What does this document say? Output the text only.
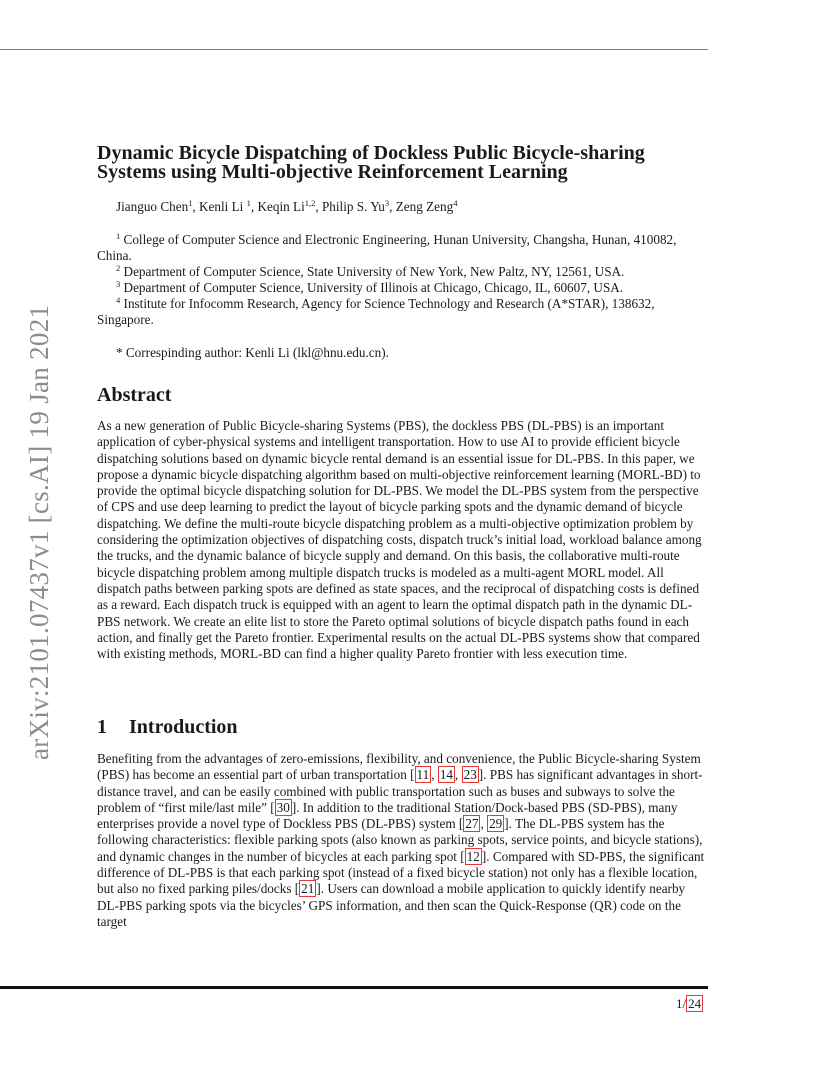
arXiv:2101.07437v1 [cs.AI] 19 Jan 2021
Dynamic Bicycle Dispatching of Dockless Public Bicycle-sharing Systems using Multi-objective Reinforcement Learning
Jianguo Chen$^1$, Kenli Li $^1$, Keqin Li$^{1,2}$, Philip S. Yu$^3$, Zeng Zeng$^4$
$^1$ College of Computer Science and Electronic Engineering, Hunan University, Changsha, Hunan, 410082, China.
$^2$ Department of Computer Science, State University of New York, New Paltz, NY, 12561, USA.
$^3$ Department of Computer Science, University of Illinois at Chicago, Chicago, IL, 60607, USA.
$^4$ Institute for Infocomm Research, Agency for Science Technology and Research (A*STAR), 138632, Singapore.
* Correspinding author: Kenli Li (lkl@hnu.edu.cn).
Abstract
As a new generation of Public Bicycle-sharing Systems (PBS), the dockless PBS (DL-PBS) is an important application of cyber-physical systems and intelligent transportation. How to use AI to provide efficient bicycle dispatching solutions based on dynamic bicycle rental demand is an essential issue for DL-PBS. In this paper, we propose a dynamic bicycle dispatching algorithm based on multi-objective reinforcement learning (MORL-BD) to provide the optimal bicycle dispatching solution for DL-PBS. We model the DL-PBS system from the perspective of CPS and use deep learning to predict the layout of bicycle parking spots and the dynamic demand of bicycle dispatching. We define the multi-route bicycle dispatching problem as a multi-objective optimization problem by considering the optimization objectives of dispatching costs, dispatch truck’s initial load, workload balance among the trucks, and the dynamic balance of bicycle supply and demand. On this basis, the collaborative multi-route bicycle dispatching problem among multiple dispatch trucks is modeled as a multi-agent MORL model. All dispatch paths between parking spots are defined as state spaces, and the reciprocal of dispatching costs is defined as a reward. Each dispatch truck is equipped with an agent to learn the optimal dispatch path in the dynamic DL-PBS network. We create an elite list to store the Pareto optimal solutions of bicycle dispatch paths found in each action, and finally get the Pareto frontier. Experimental results on the actual DL-PBS systems show that compared with existing methods, MORL-BD can find a higher quality Pareto frontier with less execution time.
1 Introduction
Benefiting from the advantages of zero-emissions, flexibility, and convenience, the Public Bicycle-sharing System (PBS) has become an essential part of urban transportation [ 11 , 14 , 23 ]. PBS has significant advantages in short-distance travel, and can be easily combined with public transportation such as buses and subways to solve the problem of “first mile/last mile” [ 30 ]. In addition to the traditional Station/Dock-based PBS (SD-PBS), many enterprises provide a novel type of Dockless PBS (DL-PBS) system [ 27 , 29 ]. The DL-PBS system has the following characteristics: flexible parking spots (also known as parking spots, service points, and bicycle stations), and dynamic changes in the number of bicycles at each parking spot [ 12 ]. Compared with SD-PBS, the significant difference of DL-PBS is that each parking spot (instead of a fixed bicycle station) not only has a flexible location, but also no fixed parking piles/docks [ 21 ]. Users can download a mobile application to quickly identify nearby DL-PBS parking spots via the bicycles’ GPS information, and then scan the Quick-Response (QR) code on the target
1/ 24
